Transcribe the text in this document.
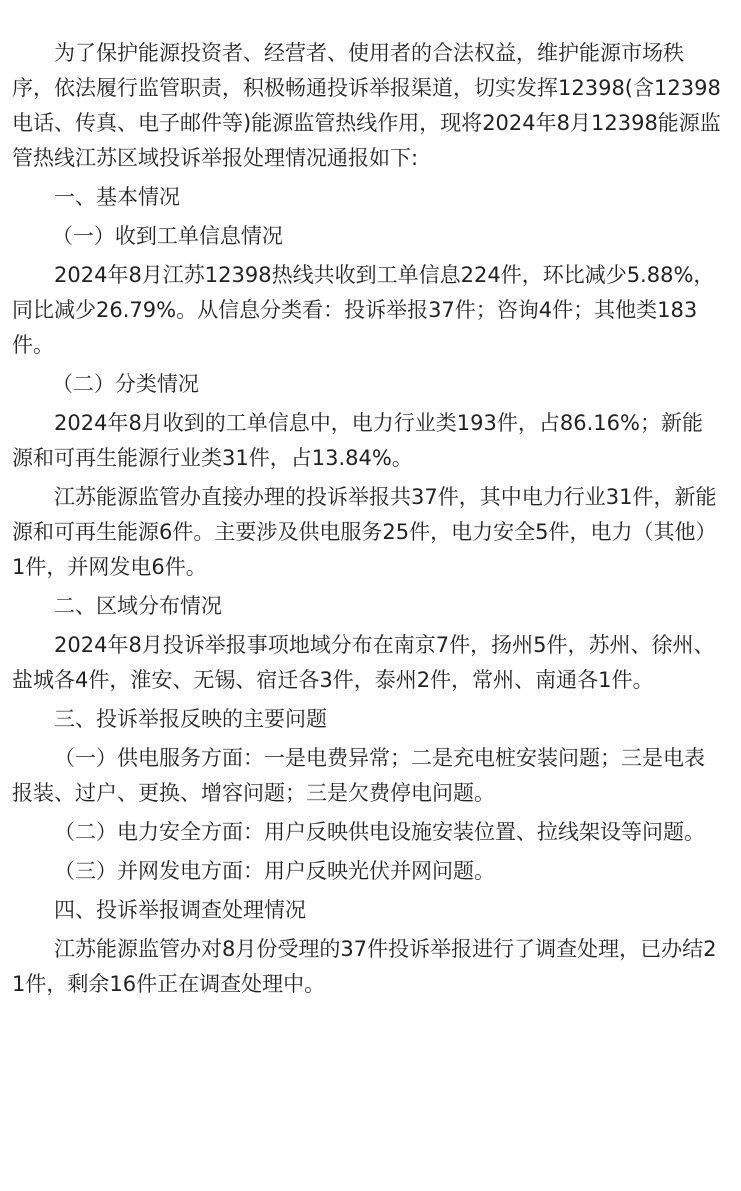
为了保护能源投资者、经营者、使用者的合法权益，维护能源市场秩序，依法履行监管职责，积极畅通投诉举报渠道，切实发挥12398(含12398电话、传真、电子邮件等)能源监管热线作用，现将2024年8月12398能源监管热线江苏区域投诉举报处理情况通报如下:

一、基本情况

（一）收到工单信息情况

2024年8月江苏12398热线共收到工单信息224件，环比减少5.88%，同比减少26.79%。从信息分类看：投诉举报37件；咨询4件；其他类183件。

（二）分类情况

2024年8月收到的工单信息中，电力行业类193件，占86.16%；新能源和可再生能源行业类31件，占13.84%。

江苏能源监管办直接办理的投诉举报共37件，其中电力行业31件，新能源和可再生能源6件。主要涉及供电服务25件，电力安全5件，电力（其他）1件，并网发电6件。

二、区域分布情况

2024年8月投诉举报事项地域分布在南京7件，扬州5件，苏州、徐州、盐城各4件，淮安、无锡、宿迁各3件，泰州2件，常州、南通各1件。

三、投诉举报反映的主要问题

（一）供电服务方面：一是电费异常；二是充电桩安装问题；三是电表报装、过户、更换、增容问题；三是欠费停电问题。

（二）电力安全方面：用户反映供电设施安装位置、拉线架设等问题。

（三）并网发电方面：用户反映光伏并网问题。

四、投诉举报调查处理情况

江苏能源监管办对8月份受理的37件投诉举报进行了调查处理，已办结21件，剩余16件正在调查处理中。
